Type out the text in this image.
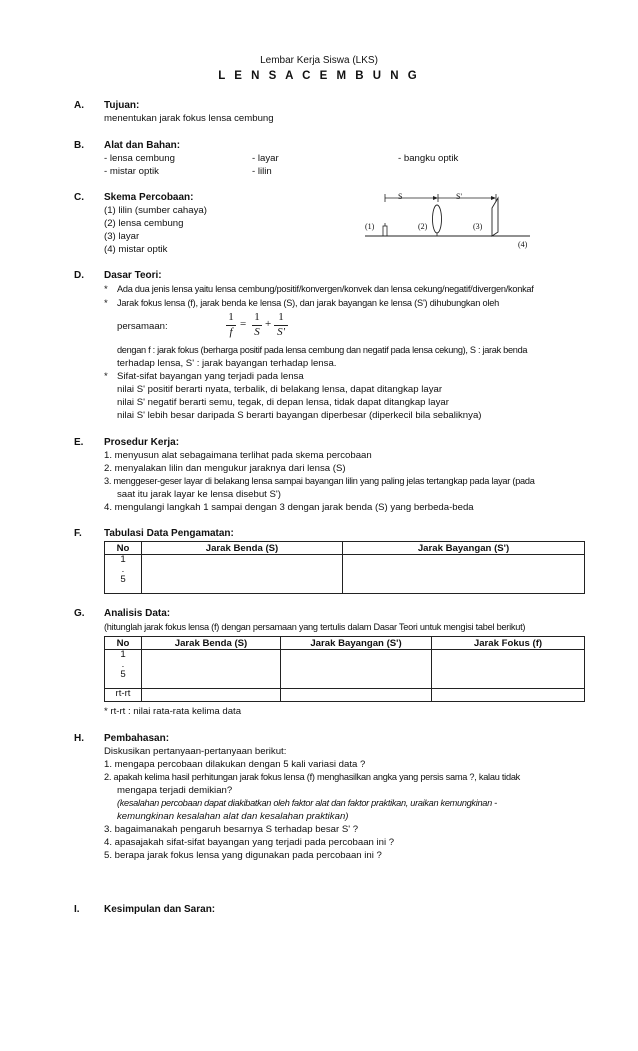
Lembar Kerja Siswa (LKS)
L E N S A C E M B U N G
A. Tujuan:
menentukan jarak fokus lensa cembung
B. Alat dan Bahan:
- lensa cembung	- layar	- bangku optik
- mistar optik	- lilin
C. Skema Percobaan:
(1) lilin (sumber cahaya)
(2) lensa cembung
(3) layar
(4) mistar optik
S	S'
(1)	(2)	(3)
(4)
D. Dasar Teori:
* Ada dua jenis lensa yaitu lensa cembung/positif/konvergen/konvek dan lensa cekung/negatif/divergen/konkaf
* Jarak fokus lensa (f), jarak benda ke lensa (S), dan jarak bayangan ke lensa (S') dihubungkan oleh
persamaan:
1
f
=
1
S
+
1
S'
dengan f : jarak fokus (berharga positif pada lensa cembung dan negatif pada lensa cekung), S : jarak benda
terhadap lensa, S' : jarak bayangan terhadap lensa.
* Sifat-sifat bayangan yang terjadi pada lensa
nilai S' positif berarti nyata, terbalik, di belakang lensa, dapat ditangkap layar
nilai S' negatif berarti semu, tegak, di depan lensa, tidak dapat ditangkap layar
nilai S' lebih besar daripada S berarti bayangan diperbesar (diperkecil bila sebaliknya)
E. Prosedur Kerja:
1. menyusun alat sebagaimana terlihat pada skema percobaan
2. menyalakan lilin dan mengukur jaraknya dari lensa (S)
3. menggeser-geser layar di belakang lensa sampai bayangan lilin yang paling jelas tertangkap pada layar (pada
saat itu jarak layar ke lensa disebut S')
4. mengulangi langkah 1 sampai dengan 3 dengan jarak benda (S) yang berbeda-beda
F. Tabulasi Data Pengamatan:
No	Jarak Benda (S)	Jarak Bayangan (S')

1
.
5		

G. Analisis Data:
(hitunglah jarak fokus lensa (f) dengan persamaan yang tertulis dalam Dasar Teori untuk mengisi tabel berikut)
No	Jarak Benda (S)	Jarak Bayangan (S')	Jarak Fokus (f)

1
.
5			

rt-rt			
* rt-rt : nilai rata-rata kelima data
H. Pembahasan:
Diskusikan pertanyaan-pertanyaan berikut:
1. mengapa percobaan dilakukan dengan 5 kali variasi data ?
2. apakah kelima hasil perhitungan jarak fokus lensa (f) menghasilkan angka yang persis sama ?, kalau tidak
mengapa terjadi demikian?
(kesalahan percobaan dapat diakibatkan oleh faktor alat dan faktor praktikan, uraikan kemungkinan -
kemungkinan kesalahan alat dan kesalahan praktikan)
3. bagaimanakah pengaruh besarnya S terhadap besar S' ?
4. apasajakah sifat-sifat bayangan yang terjadi pada percobaan ini ?
5. berapa jarak fokus lensa yang digunakan pada percobaan ini ?
I. Kesimpulan dan Saran:
